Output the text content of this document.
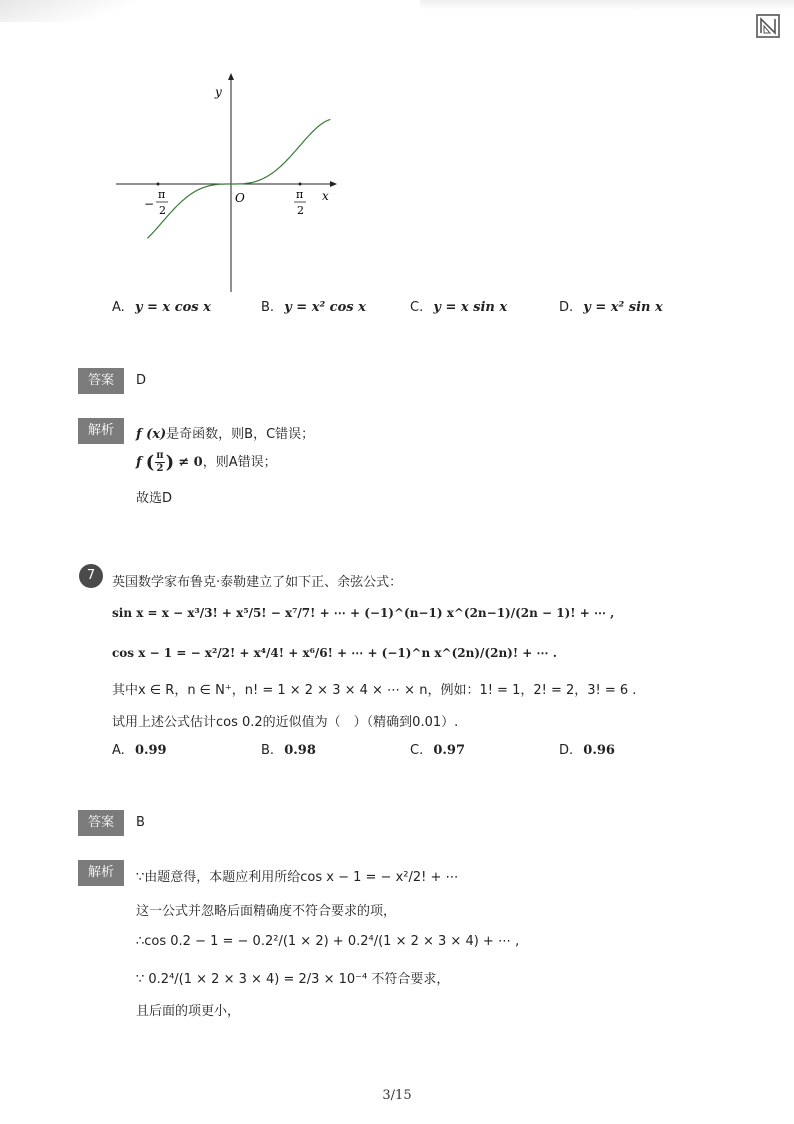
y
x
O
−
π
2
π
2
A. y = x cos x	B. y = x² cos x	C. y = x sin x	D. y = x² sin x
答案	D
解析	f (x)是奇函数，则B，C错误；
f ( $\frac{\pi}{2}$ ) ≠ 0，则A错误；
故选D
7	英国数学家布鲁克·泰勒建立了如下正、余弦公式：
sin x = x − x³/3! + x⁵/5! − x⁷/7! + ⋯ + (−1)^(n−1) x^(2n−1)/(2n − 1)! + ⋯ ,
cos x − 1 = − x²/2! + x⁴/4! + x⁶/6! + ⋯ + (−1)^n x^(2n)/(2n)! + ⋯ .
其中x ∈ R，n ∈ N⁺，n! = 1 × 2 × 3 × 4 × ⋯ × n，例如：1! = 1，2! = 2，3! = 6 .
试用上述公式估计cos 0.2的近似值为（　）（精确到0.01）.
A. 0.99	B. 0.98	C. 0.97	D. 0.96
答案	B
解析	∵由题意得，本题应利用所给cos x − 1 = − x²/2! + ⋯
这一公式并忽略后面精确度不符合要求的项，
∴cos 0.2 − 1 = − 0.2²/(1 × 2) + 0.2⁴/(1 × 2 × 3 × 4) + ⋯ ,
∵ 0.2⁴/(1 × 2 × 3 × 4) = 2/3 × 10⁻⁴ 不符合要求，
且后面的项更小，
3/15
